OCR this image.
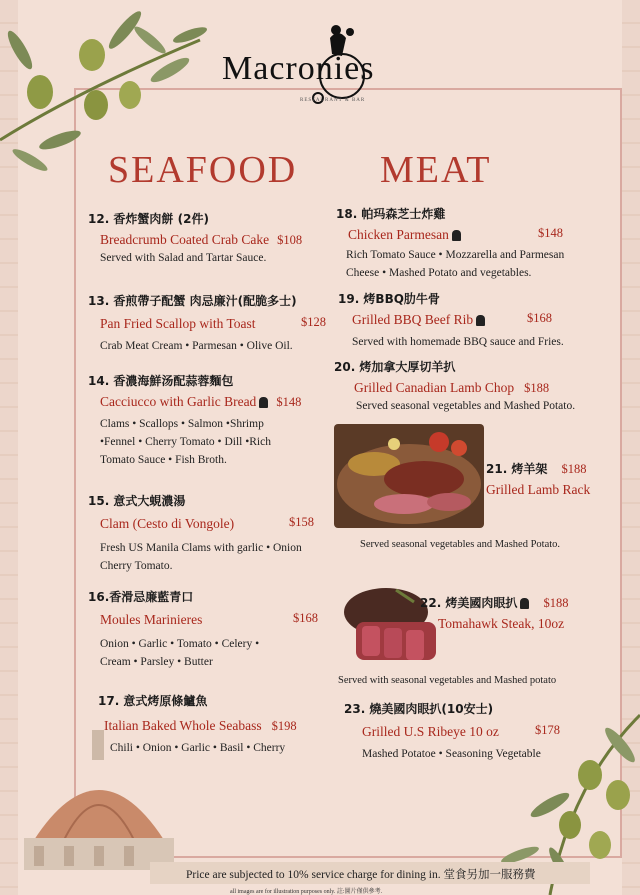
Macronies
RESTAURANT & BAR
SEAFOOD MEAT
12. 香炸蟹肉餅 (2件)
Breadcrumb Coated Crab Cake $108
Served with Salad and Tartar Sauce.
13. 香煎帶子配蟹 肉忌廉汁(配脆多士)
Pan Fried Scallop with Toast	$128
Crab Meat Cream • Parmesan • Olive Oil.
14. 香濃海鮮汤配蒜蓉麵包
Cacciucco with Garlic Bread $148
Clams • Scallops • Salmon •Shrimp
•Fennel • Cherry Tomato • Dill •Rich
Tomato Sauce • Fish Broth.
15. 意式大蜆濃湯
Clam (Cesto di Vongole)	$158
Fresh US Manila Clams with garlic • Onion
Cherry Tomato.
16.香滑忌廉藍青口
Moules Marinieres	$168
Onion • Garlic • Tomato • Celery •
Cream • Parsley • Butter
17. 意式烤原條鱸魚
Italian Baked Whole Seabass $198
Chili • Onion • Garlic • Basil • Cherry
18. 帕玛森芝士炸雞
Chicken Parmesan	$148
Rich Tomato Sauce • Mozzarella and Parmesan
Cheese • Mashed Potato and vegetables.
19. 烤BBQ肋牛骨
Grilled BBQ Beef Rib	$168
Served with homemade BBQ sauce and Fries.
20. 烤加拿大厚切羊扒
Grilled Canadian Lamb Chop $188
Served seasonal vegetables and Mashed Potato.
21. 烤羊架 $188
Grilled Lamb Rack
Served seasonal vegetables and Mashed Potato.
22. 烤美國肉眼扒 $188
Tomahawk Steak, 10oz
Served with seasonal vegetables and Mashed potato
23. 燒美國肉眼扒(10安士)
Grilled U.S Ribeye 10 oz	$178
Mashed Potatoe • Seasoning Vegetable
Price are subjected to 10% service charge for dining in. 堂食另加一服務費
all images are for illustration purposes only. 註:圖片僅供參考.
